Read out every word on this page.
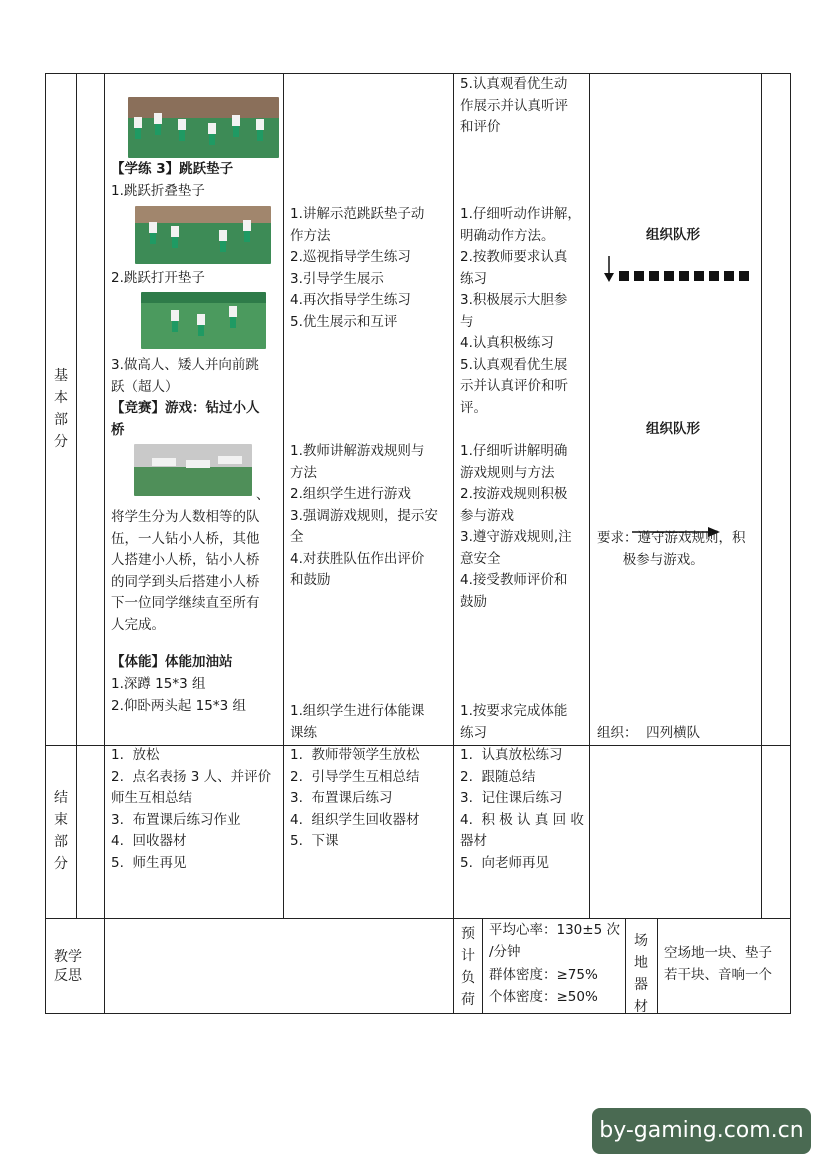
基本部分
结束部分
教学反思
预计负荷
场地器材
【学练 3】跳跃垫子
1.跳跃折叠垫子
2.跳跃打开垫子
3.做高人、矮人并向前跳
跃（超人）
【竞赛】游戏：钻过小人
桥
、
将学生分为人数相等的队
伍，一人钻小人桥，其他
人搭建小人桥，钻小人桥
的同学到头后搭建小人桥
下一位同学继续直至所有
人完成。
【体能】体能加油站
1.深蹲 15*3 组
2.仰卧两头起 15*3 组
1.  放松
2.  点名表扬 3 人、并评价
师生互相总结
3.  布置课后练习作业
4.  回收器材
5.  师生再见
1.讲解示范跳跃垫子动
作方法
2.巡视指导学生练习
3.引导学生展示
4.再次指导学生练习
5.优生展示和互评
1.教师讲解游戏规则与
方法
2.组织学生进行游戏
3.强调游戏规则，提示安
全
4.对获胜队伍作出评价
和鼓励
1.组织学生进行体能课
课练
1.  教师带领学生放松
2.  引导学生互相总结
3.  布置课后练习
4.  组织学生回收器材
5.  下课
5.认真观看优生动
作展示并认真听评
和评价
1.仔细听动作讲解，
明确动作方法。
2.按教师要求认真
练习
3.积极展示大胆参
与
4.认真积极练习
5.认真观看优生展
示并认真评价和听
评。
1.仔细听讲解明确
游戏规则与方法
2.按游戏规则积极
参与游戏
3.遵守游戏规则,注
意安全
4.接受教师评价和
鼓励
1.按要求完成体能
练习
1.  认真放松练习
2.  跟随总结
3.  记住课后练习
4.  积 极 认 真 回 收
器材
5.  向老师再见
组织队形
组织队形
要求：遵守游戏规则，积
极参与游戏。
组织：  四列横队
平均心率：130±5 次
/分钟
群体密度：≥75%
个体密度：≥50%
空场地一块、垫子
若干块、音响一个
by-gaming.com.cn
